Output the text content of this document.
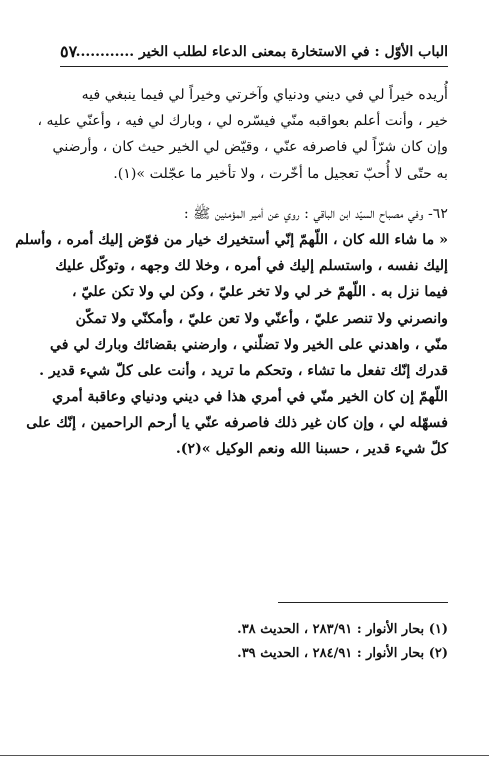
الباب الأوّل : في الاستخارة بمعنى الدعاء لطلب الخير ............
٥٧
أُريده خيراً لي في ديني ودنياي وآخرتي وخيراً لي فيما ينبغي فيه
خير ، وأنت أعلم بعواقبه منّي فيسّره لي ، وبارك لي فيه ، وأعنّي عليه ،
وإن كان شرّاً لي فاصرفه عنّي ، وقيّض لي الخير حيث كان ، وأرضني
به حتّى لا أُحبّ تعجيل ما أخّرت ، ولا تأخير ما عجّلت »(١).
٦٢- وفي مصباح السيّد ابن الباقي : روي عن أمير المؤمنين ﷺ :
« ما شاء الله كان ، اللّهمّ إنّي أستخيرك خيار من فوّض إليك أمره ، وأسلم
إليك نفسه ، واستسلم إليك في أمره ، وخلا لك وجهه ، وتوكّل عليك
فيما نزل به . اللّهمّ خر لي ولا تخر عليّ ، وكن لي ولا تكن عليّ ،
وانصرني ولا تنصر عليّ ، وأعنّي ولا تعن عليّ ، وأمكنّي ولا تمكّن
منّي ، واهدني على الخير ولا تضلّني ، وارضني بقضائك وبارك لي في
قدرك إنّك تفعل ما تشاء ، وتحكم ما تريد ، وأنت على كلّ شيء قدير .
اللّهمّ إن كان الخير منّي في أمري هذا في ديني ودنياي وعاقبة أمري
فسهّله لي ، وإن كان غير ذلك فاصرفه عنّي يا أرحم الراحمين ، إنّك على
كلّ شيء قدير ، حسبنا الله ونعم الوكيل »(٢).
(١) بحار الأنوار : ٢٨٣/٩١ ، الحديث ٣٨.
(٢) بحار الأنوار : ٢٨٤/٩١ ، الحديث ٣٩.
